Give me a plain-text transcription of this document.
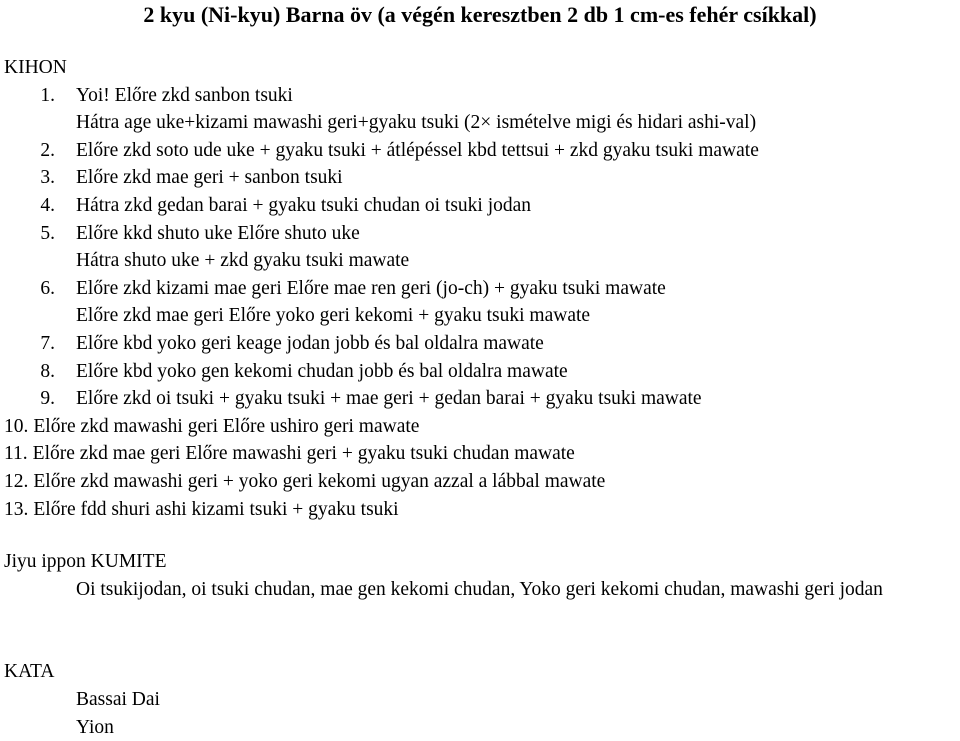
2 kyu (Ni-kyu) Barna öv (a végén keresztben 2 db 1 cm-es fehér csíkkal)
KIHON
1. Yoi! Előre zkd sanbon tsuki
Hátra age uke+kizami mawashi geri+gyaku tsuki (2× ismételve migi és hidari ashi-val)
2. Előre zkd soto ude uke + gyaku tsuki + átlépéssel kbd tettsui + zkd gyaku tsuki mawate
3. Előre zkd mae geri + sanbon tsuki
4. Hátra zkd gedan barai + gyaku tsuki chudan oi tsuki jodan
5. Előre kkd shuto uke Előre shuto uke
Hátra shuto uke + zkd gyaku tsuki mawate
6. Előre zkd kizami mae geri Előre mae ren geri (jo-ch) + gyaku tsuki mawate
Előre zkd mae geri Előre yoko geri kekomi + gyaku tsuki mawate
7. Előre kbd yoko geri keage jodan jobb és bal oldalra mawate
8. Előre kbd yoko gen kekomi chudan jobb és bal oldalra mawate
9. Előre zkd oi tsuki + gyaku tsuki + mae geri + gedan barai + gyaku tsuki mawate
10. Előre zkd mawashi geri Előre ushiro geri mawate
11. Előre zkd mae geri Előre mawashi geri + gyaku tsuki chudan mawate
12. Előre zkd mawashi geri + yoko geri kekomi ugyan azzal a lábbal mawate
13. Előre fdd shuri ashi kizami tsuki + gyaku tsuki
Jiyu ippon KUMITE

Oi tsukijodan, oi tsuki chudan, mae gen kekomi chudan, Yoko geri kekomi chudan, mawashi geri jodan

KATA
Bassai Dai
Yion
